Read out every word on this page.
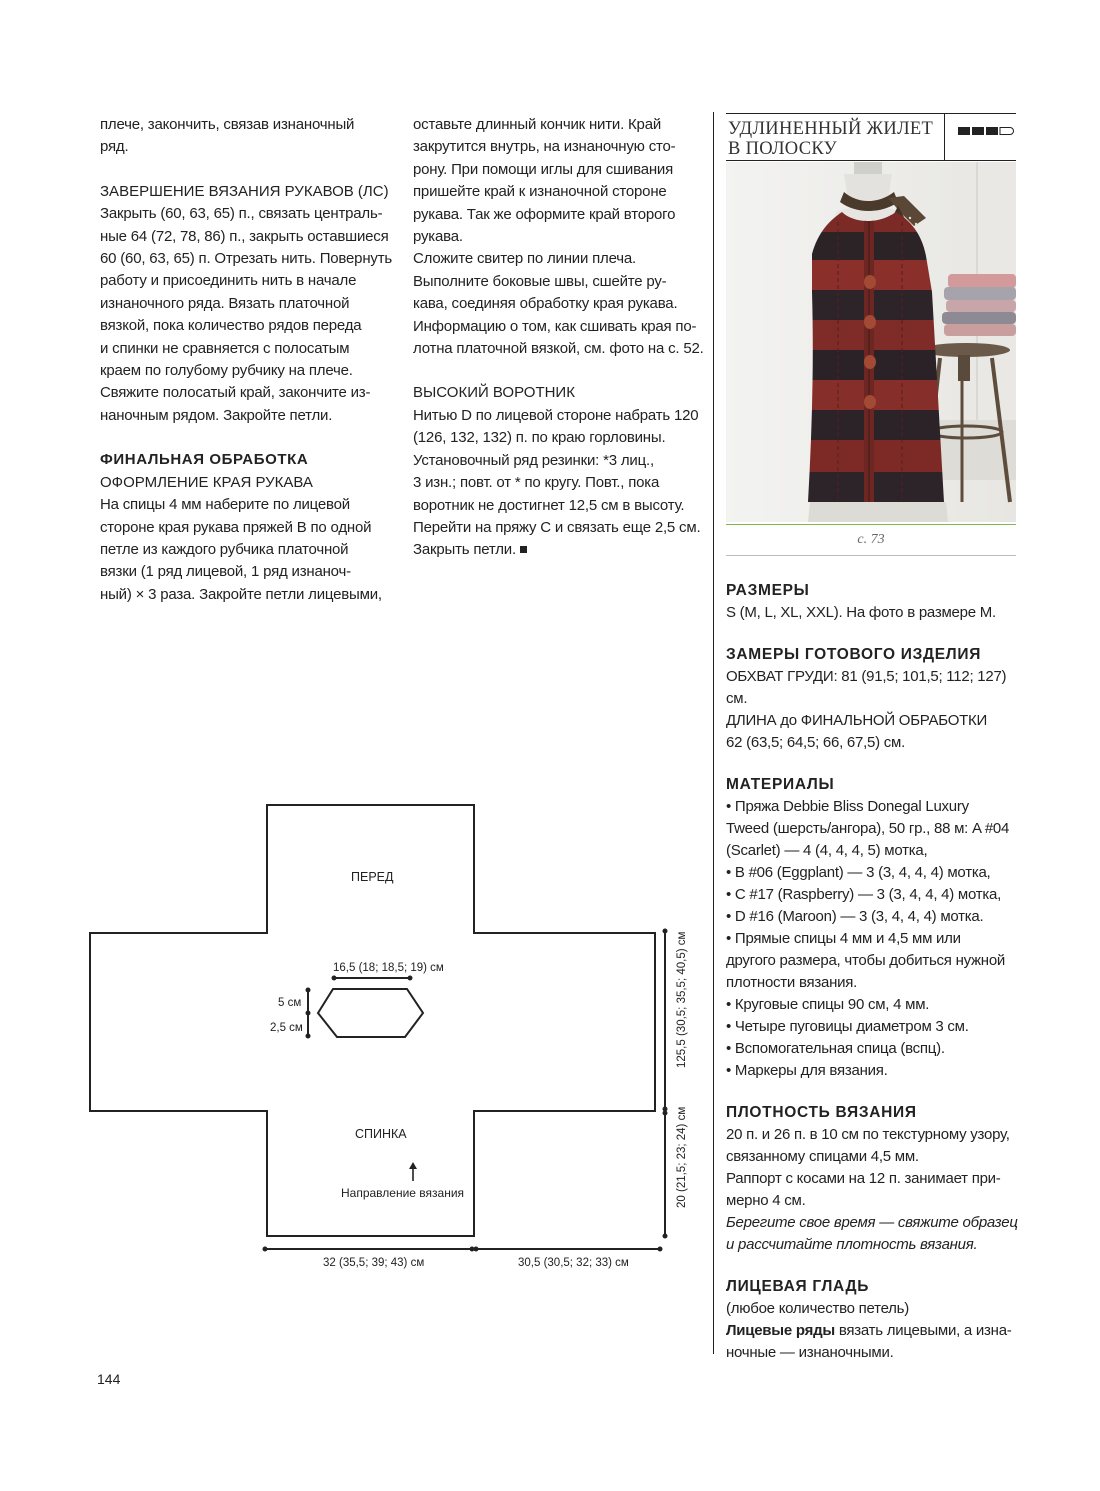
плече, закончить, связав изнаночный

ряд.

ЗАВЕРШЕНИЕ ВЯЗАНИЯ РУКАВОВ (ЛС)

Закрыть (60, 63, 65) п., связать централь-

ные 64 (72, 78, 86) п., закрыть оставшиеся

60 (60, 63, 65) п. Отрезать нить. Повернуть

работу и присоединить нить в начале

изнаночного ряда. Вязать платочной

вязкой, пока количество рядов переда

и спинки не сравняется с полосатым

краем по голубому рубчику на плече.

Свяжите полосатый край, закончите из-

наночным рядом. Закройте петли.

ФИНАЛЬНАЯ ОБРАБОТКА

ОФОРМЛЕНИЕ КРАЯ РУКАВА

На спицы 4 мм наберите по лицевой

стороне края рукава пряжей B по одной

петле из каждого рубчика платочной

вязки (1 ряд лицевой, 1 ряд изнаноч-

ный) × 3 раза. Закройте петли лицевыми,

оставьте длинный кончик нити. Край

закрутится внутрь, на изнаночную сто-

рону. При помощи иглы для сшивания

пришейте край к изнаночной стороне

рукава. Так же оформите край второго

рукава.

Сложите свитер по линии плеча.

Выполните боковые швы, сшейте ру-

кава, соединяя обработку края рукава.

Информацию о том, как сшивать края по-

лотна платочной вязкой, см. фото на с. 52.

ВЫСОКИЙ ВОРОТНИК

Нитью D по лицевой стороне набрать 120

(126, 132, 132) п. по краю горловины.

Установочный ряд резинки: *3 лиц.,

3 изн.; повт. от * по кругу. Повт., пока

воротник не достигнет 12,5 см в высоту.

Перейти на пряжу C и связать еще 2,5 см.

Закрыть петли.

УДЛИНЕННЫЙ ЖИЛЕТ
В ПОЛОСКУ
с. 73
РАЗМЕРЫ

S (M, L, XL, XXL). На фото в размере M.

ЗАМЕРЫ ГОТОВОГО ИЗДЕЛИЯ

ОБХВАТ ГРУДИ: 81 (91,5; 101,5; 112; 127) см.

ДЛИНА до ФИНАЛЬНОЙ ОБРАБОТКИ

62 (63,5; 64,5; 66, 67,5) см.

МАТЕРИАЛЫ

• Пряжа Debbie Bliss Donegal Luxury

Tweed (шерсть/ангора), 50 гр., 88 м: A #04

(Scarlet) — 4 (4, 4, 4, 5) мотка,

• B #06 (Eggplant) — 3 (3, 4, 4, 4) мотка,

• C #17 (Raspberry) — 3 (3, 4, 4, 4) мотка,

• D #16 (Maroon) — 3 (3, 4, 4, 4) мотка.

• Прямые спицы 4 мм и 4,5 мм или

другого размера, чтобы добиться нужной

плотности вязания.

• Круговые спицы 90 см, 4 мм.

• Четыре пуговицы диаметром 3 см.

• Вспомогательная спица (вспц).

• Маркеры для вязания.

ПЛОТНОСТЬ ВЯЗАНИЯ

20 п. и 26 п. в 10 см по текстурному узору,

связанному спицами 4,5 мм.

Раппорт с косами на 12 п. занимает при-

мерно 4 см.

Берегите свое время — свяжите образец

и рассчитайте плотность вязания.

ЛИЦЕВАЯ ГЛАДЬ

(любое количество петель)

Лицевые ряды вязать лицевыми, а изна-

ночные — изнаночными.

16,5 (18; 18,5; 19) см
5 см
2,5 см
ПЕРЕД
СПИНКА
Направление вязания
125,5 (30,5; 35,5; 40,5) см
20 (21,5; 23; 24) см
32 (35,5; 39; 43) см	30,5 (30,5; 32; 33) см
144
